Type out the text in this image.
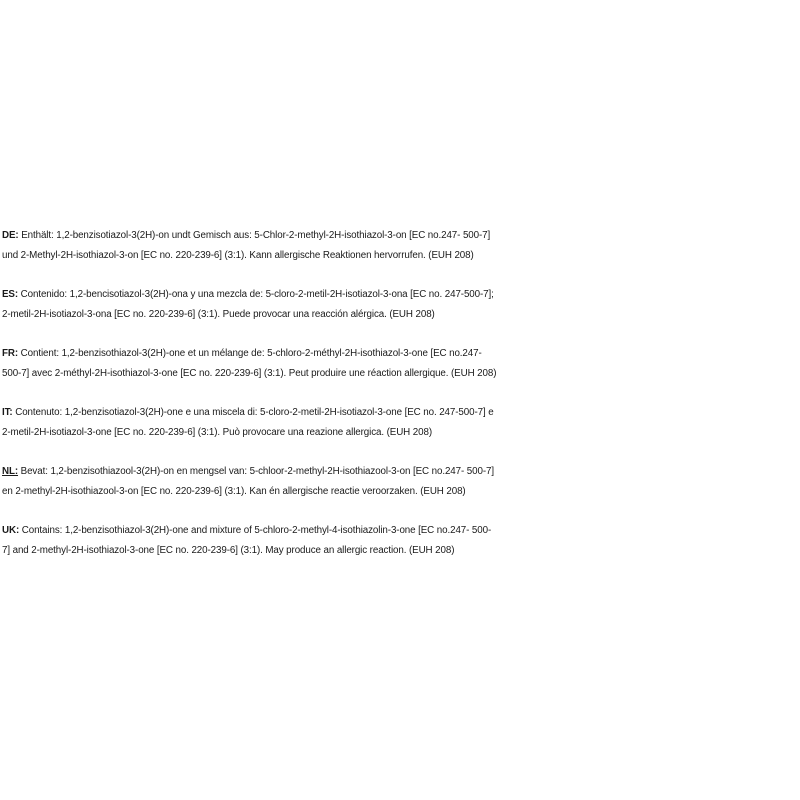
DE: Enthält: 1,2-benzisotiazol-3(2H)-on undt Gemisch aus: 5-Chlor-2-methyl-2H-isothiazol-3-on [EC no.247- 500-7]
und 2-Methyl-2H-isothiazol-3-on [EC no. 220-239-6] (3:1). Kann allergische Reaktionen hervorrufen. (EUH 208)

ES: Contenido: 1,2-bencisotiazol-3(2H)-ona y una mezcla de: 5-cloro-2-metil-2H-isotiazol-3-ona [EC no. 247-500-7];
2-metil-2H-isotiazol-3-ona [EC no. 220-239-6] (3:1). Puede provocar una reacción alérgica. (EUH 208)

FR: Contient: 1,2-benzisothiazol-3(2H)-one et un mélange de: 5-chloro-2-méthyl-2H-isothiazol-3-one [EC no.247-
500-7] avec 2-méthyl-2H-isothiazol-3-one [EC no. 220-239-6] (3:1). Peut produire une réaction allergique. (EUH 208)

IT: Contenuto: 1,2-benzisotiazol-3(2H)-one e una miscela di: 5-cloro-2-metil-2H-isotiazol-3-one [EC no. 247-500-7] e
2-metil-2H-isotiazol-3-one [EC no. 220-239-6] (3:1). Può provocare una reazione allergica. (EUH 208)

NL: Bevat: 1,2-benzisothiazool-3(2H)-on en mengsel van: 5-chloor-2-methyl-2H-isothiazool-3-on [EC no.247- 500-7]
en 2-methyl-2H-isothiazool-3-on [EC no. 220-239-6] (3:1). Kan én allergische reactie veroorzaken. (EUH 208)

UK: Contains: 1,2-benzisothiazol-3(2H)-one and mixture of 5-chloro-2-methyl-4-isothiazolin-3-one [EC no.247- 500-
7] and 2-methyl-2H-isothiazol-3-one [EC no. 220-239-6] (3:1). May produce an allergic reaction. (EUH 208)
